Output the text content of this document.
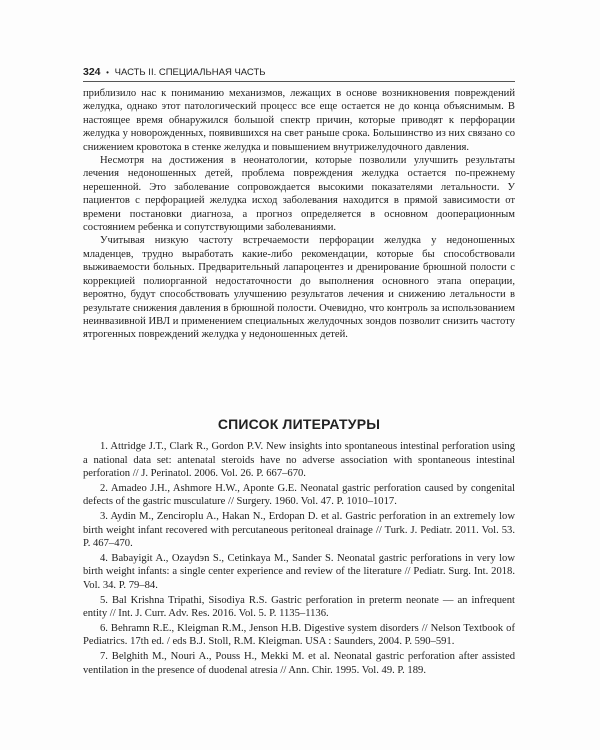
324 • ЧАСТЬ II. СПЕЦИАЛЬНАЯ ЧАСТЬ

приблизило нас к пониманию механизмов, лежащих в основе возникновения повреждений желудка, однако этот патологический процесс все еще остается не до конца объяснимым. В настоящее время обнаружился большой спектр причин, которые приводят к перфорации желудка у новорожденных, появившихся на свет раньше срока. Большинство из них связано со снижением кровотока в стенке желудка и повышением внутрижелудочного давления.

Несмотря на достижения в неонатологии, которые позволили улучшить результаты лечения недоношенных детей, проблема повреждения желудка остается по-прежнему нерешенной. Это заболевание сопровождается высокими показателями летальности. У пациентов с перфорацией желудка исход заболевания находится в прямой зависимости от времени постановки диагноза, а прогноз определяется в основном дооперационным состоянием ребенка и сопутствующими заболеваниями.

Учитывая низкую частоту встречаемости перфорации желудка у недоношенных младенцев, трудно выработать какие-либо рекомендации, которые бы способствовали выживаемости больных. Предварительный лапароцентез и дренирование брюшной полости с коррекцией полиорганной недостаточности до выполнения основного этапа операции, вероятно, будут способствовать улучшению результатов лечения и снижению летальности в результате снижения давления в брюшной полости. Очевидно, что контроль за использованием неинвазивной ИВЛ и применением специальных желудочных зондов позволит снизить частоту ятрогенных повреждений желудка у недоношенных детей.

СПИСОК ЛИТЕРАТУРЫ

1. Attridge J.T., Clark R., Gordon P.V. New insights into spontaneous intestinal perforation using a national data set: antenatal steroids have no adverse association with spontaneous intestinal perforation // J. Perinatol. 2006. Vol. 26. P. 667–670.

2. Amadeo J.H., Ashmore H.W., Aponte G.E. Neonatal gastric perforation caused by congenital defects of the gastric musculature // Surgery. 1960. Vol. 47. P. 1010–1017.

3. Aydin M., Zenciroplu A., Hakan N., Erdopan D. et al. Gastric perforation in an extremely low birth weight infant recovered with percutaneous peritoneal drainage // Turk. J. Pediatr. 2011. Vol. 53. P. 467–470.

4. Babayigit A., Ozaydэn S., Cetinkaya M., Sander S. Neonatal gastric perforations in very low birth weight infants: a single center experience and review of the literature // Pediatr. Surg. Int. 2018. Vol. 34. P. 79–84.

5. Bal Krishna Tripathi, Sisodiya R.S. Gastric perforation in preterm neonate — an infrequent entity // Int. J. Curr. Adv. Res. 2016. Vol. 5. P. 1135–1136.

6. Behramn R.E., Kleigman R.M., Jenson H.B. Digestive system disorders // Nelson Textbook of Pediatrics. 17th ed. / eds B.J. Stoll, R.M. Kleigman. USA : Saunders, 2004. P. 590–591.

7. Belghith M., Nouri A., Pouss H., Mekki M. et al. Neonatal gastric perforation after assisted ventilation in the presence of duodenal atresia // Ann. Chir. 1995. Vol. 49. P. 189.
